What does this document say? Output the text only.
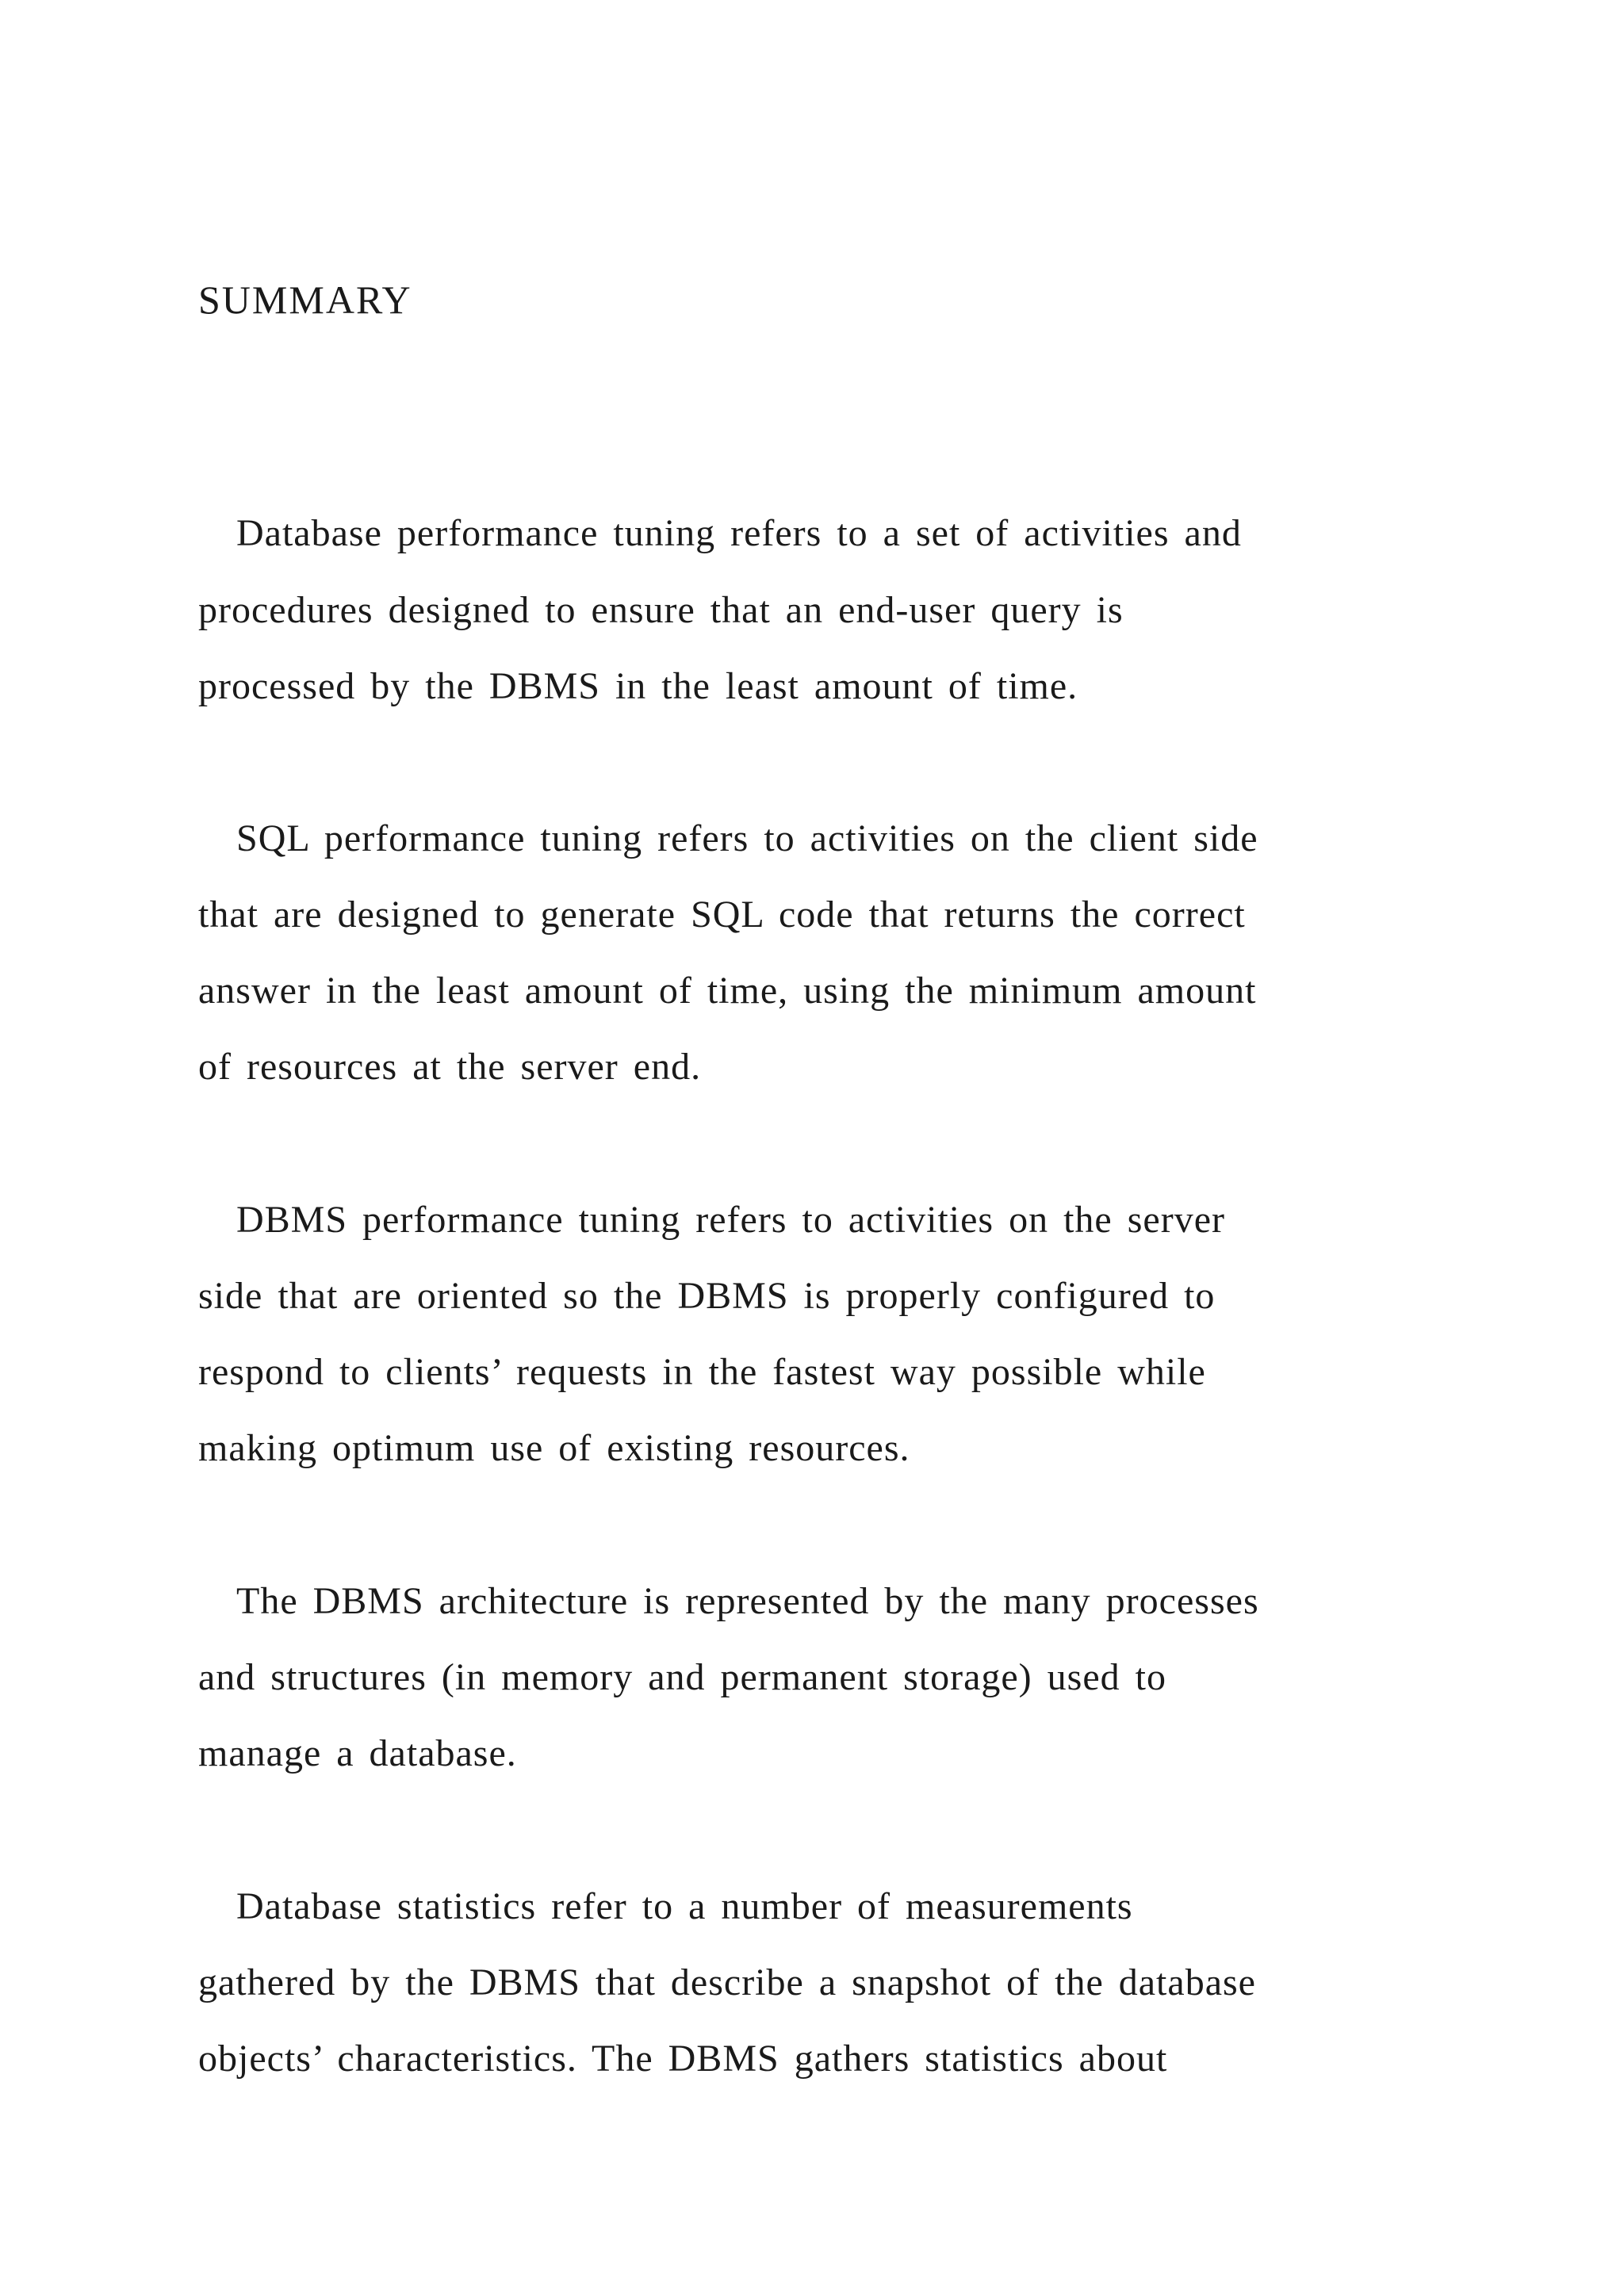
SUMMARY
Database performance tuning refers to a set of activities and
procedures designed to ensure that an end-user query is
processed by the DBMS in the least amount of time.
SQL performance tuning refers to activities on the client side
that are designed to generate SQL code that returns the correct
answer in the least amount of time, using the minimum amount
of resources at the server end.
DBMS performance tuning refers to activities on the server
side that are oriented so the DBMS is properly configured to
respond to clients’ requests in the fastest way possible while
making optimum use of existing resources.
The DBMS architecture is represented by the many processes
and structures (in memory and permanent storage) used to
manage a database.
Database statistics refer to a number of measurements
gathered by the DBMS that describe a snapshot of the database
objects’ characteristics. The DBMS gathers statistics about
